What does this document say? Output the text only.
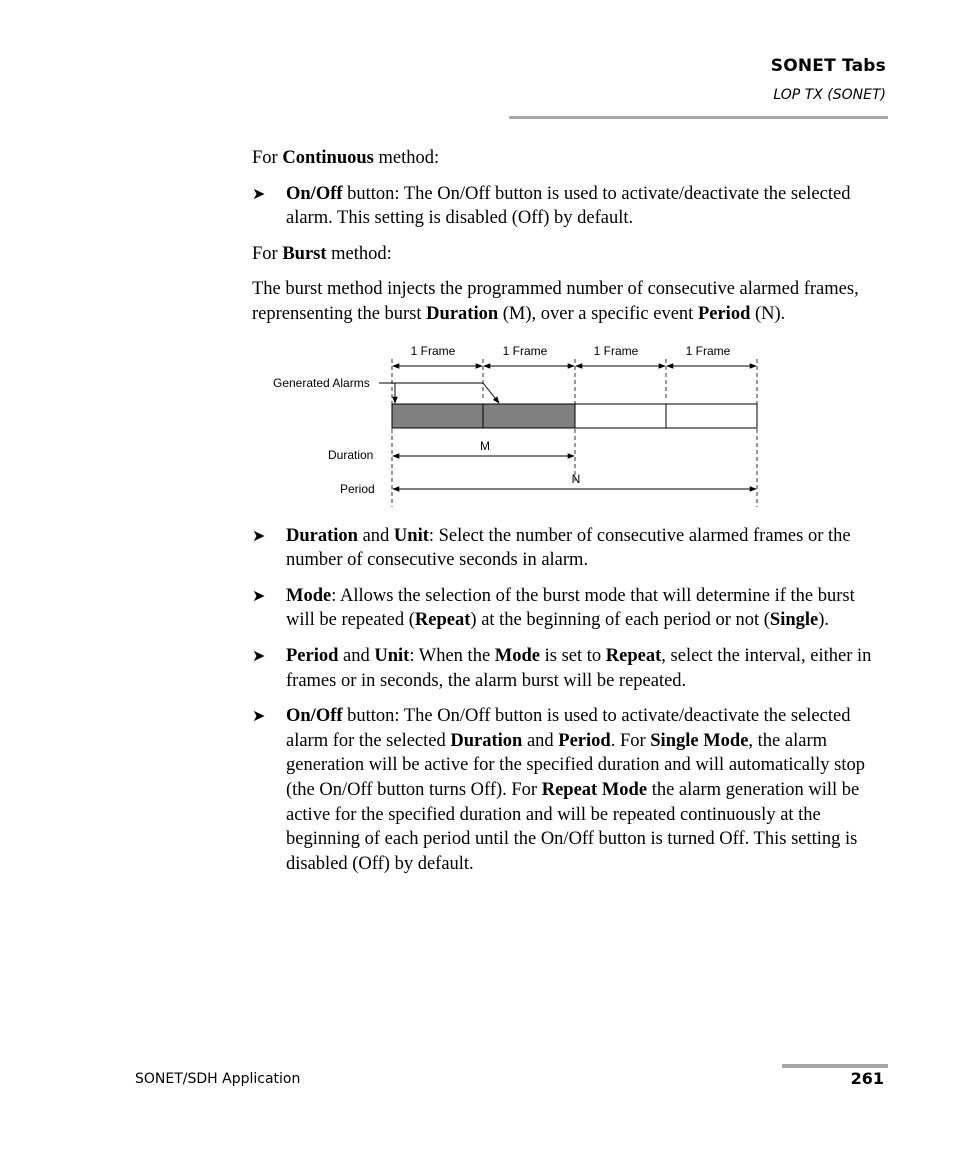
SONET Tabs
LOP TX (SONET)

For Continuous method:

➤ On/Off button: The On/Off button is used to activate/deactivate the selected alarm. This setting is disabled (Off) by default.

For Burst method:

The burst method injects the programmed number of consecutive alarmed frames, reprensenting the burst Duration (M), over a specific event Period (N).

1 Frame	1 Frame	1 Frame	1 Frame
Generated Alarms
Duration
M
Period
N
➤ Duration and Unit: Select the number of consecutive alarmed frames or the number of consecutive seconds in alarm.
➤ Mode: Allows the selection of the burst mode that will determine if the burst will be repeated (Repeat) at the beginning of each period or not (Single).
➤ Period and Unit: When the Mode is set to Repeat, select the interval, either in frames or in seconds, the alarm burst will be repeated.
➤ On/Off button: The On/Off button is used to activate/deactivate the selected alarm for the selected Duration and Period. For Single Mode, the alarm generation will be active for the specified duration and will automatically stop (the On/Off button turns Off). For Repeat Mode the alarm generation will be active for the specified duration and will be repeated continuously at the beginning of each period until the On/Off button is turned Off. This setting is disabled (Off) by default.
SONET/SDH Application	261
